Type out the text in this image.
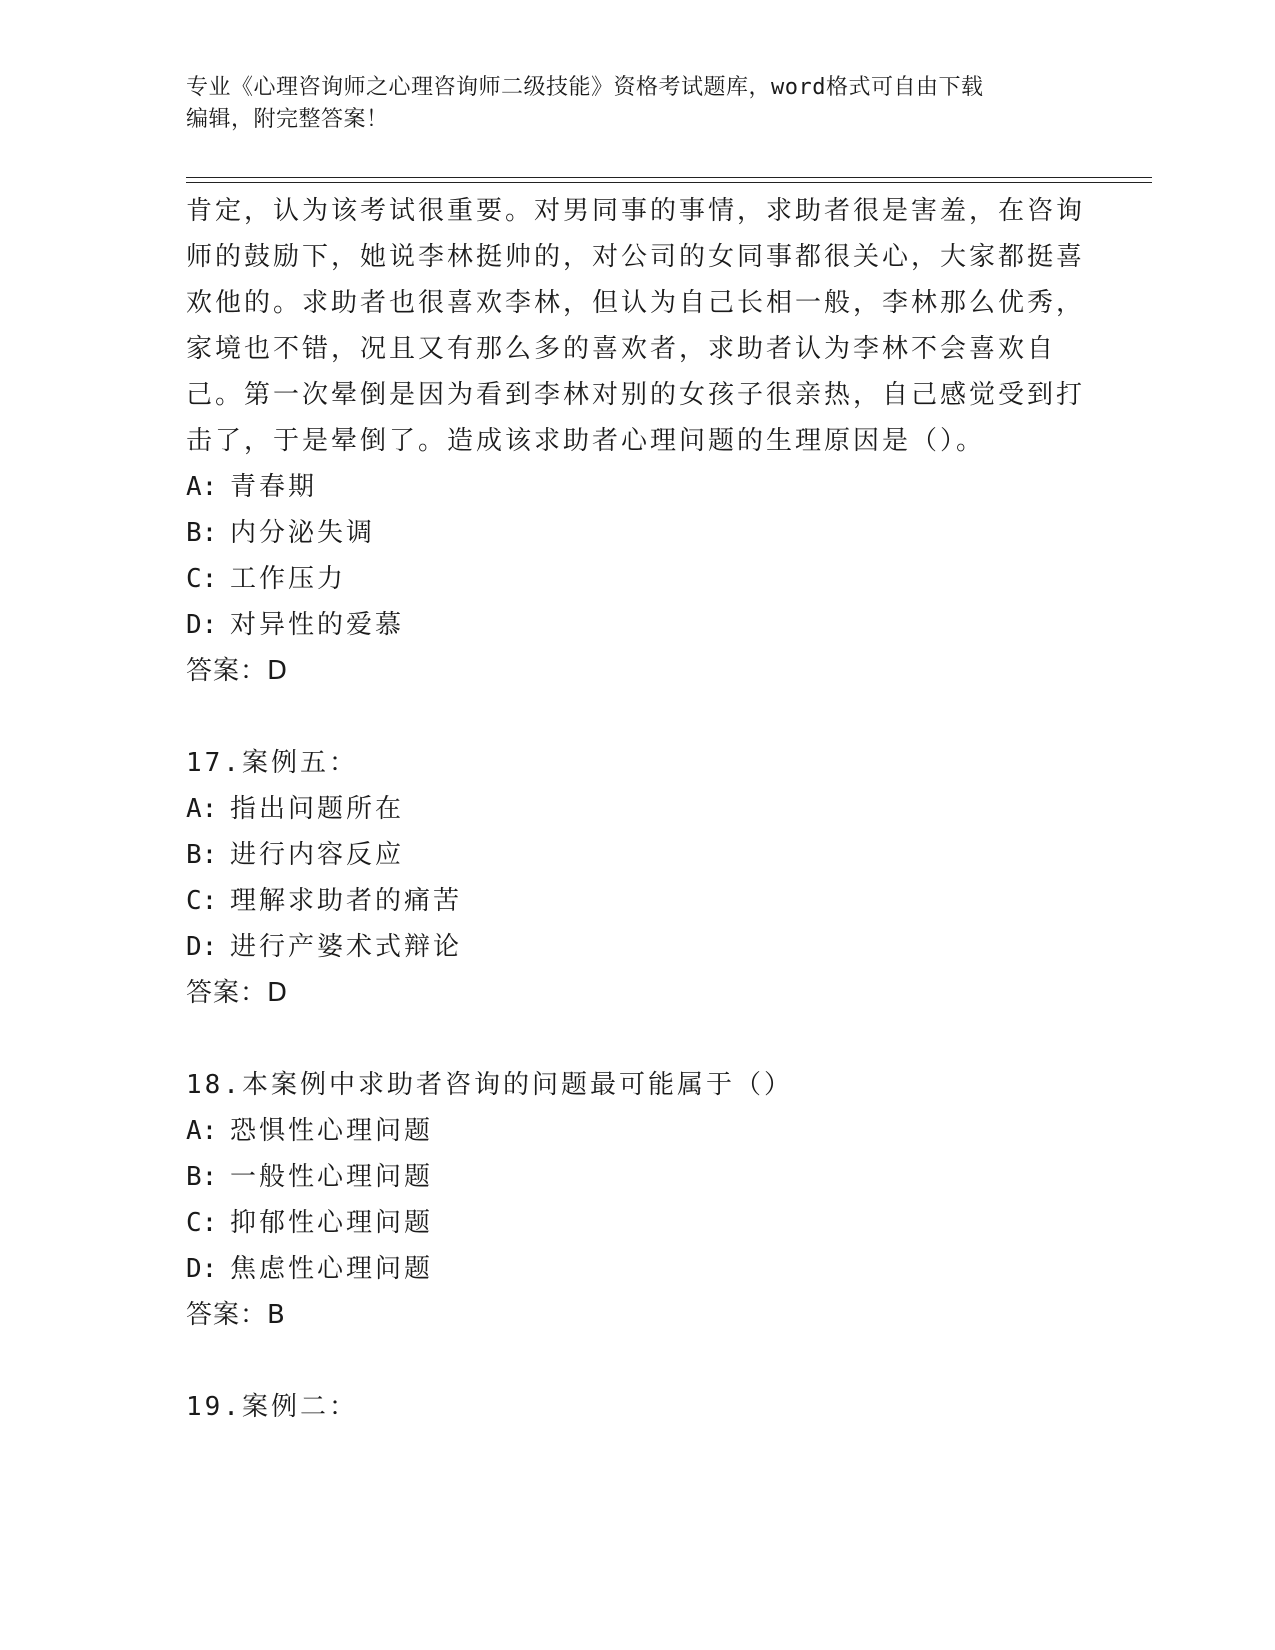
专业《心理咨询师之心理咨询师二级技能》资格考试题库，word格式可自由下载
编辑，附完整答案！

肯定，认为该考试很重要。对男同事的事情，求助者很是害羞，在咨询师的鼓励下，她说李林挺帅的，对公司的女同事都很关心，大家都挺喜欢他的。求助者也很喜欢李林，但认为自己长相一般，李林那么优秀，家境也不错，况且又有那么多的喜欢者，求助者认为李林不会喜欢自己。第一次晕倒是因为看到李林对别的女孩子很亲热，自己感觉受到打击了，于是晕倒了。造成该求助者心理问题的生理原因是（）。

A: 青春期
B: 内分泌失调
C: 工作压力
D: 对异性的爱慕
答案：D
17.案例五：
A: 指出问题所在
B: 进行内容反应
C: 理解求助者的痛苦
D: 进行产婆术式辩论
答案：D
18.本案例中求助者咨询的问题最可能属于（）
A: 恐惧性心理问题
B: 一般性心理问题
C: 抑郁性心理问题
D: 焦虑性心理问题
答案：B
19.案例二：
